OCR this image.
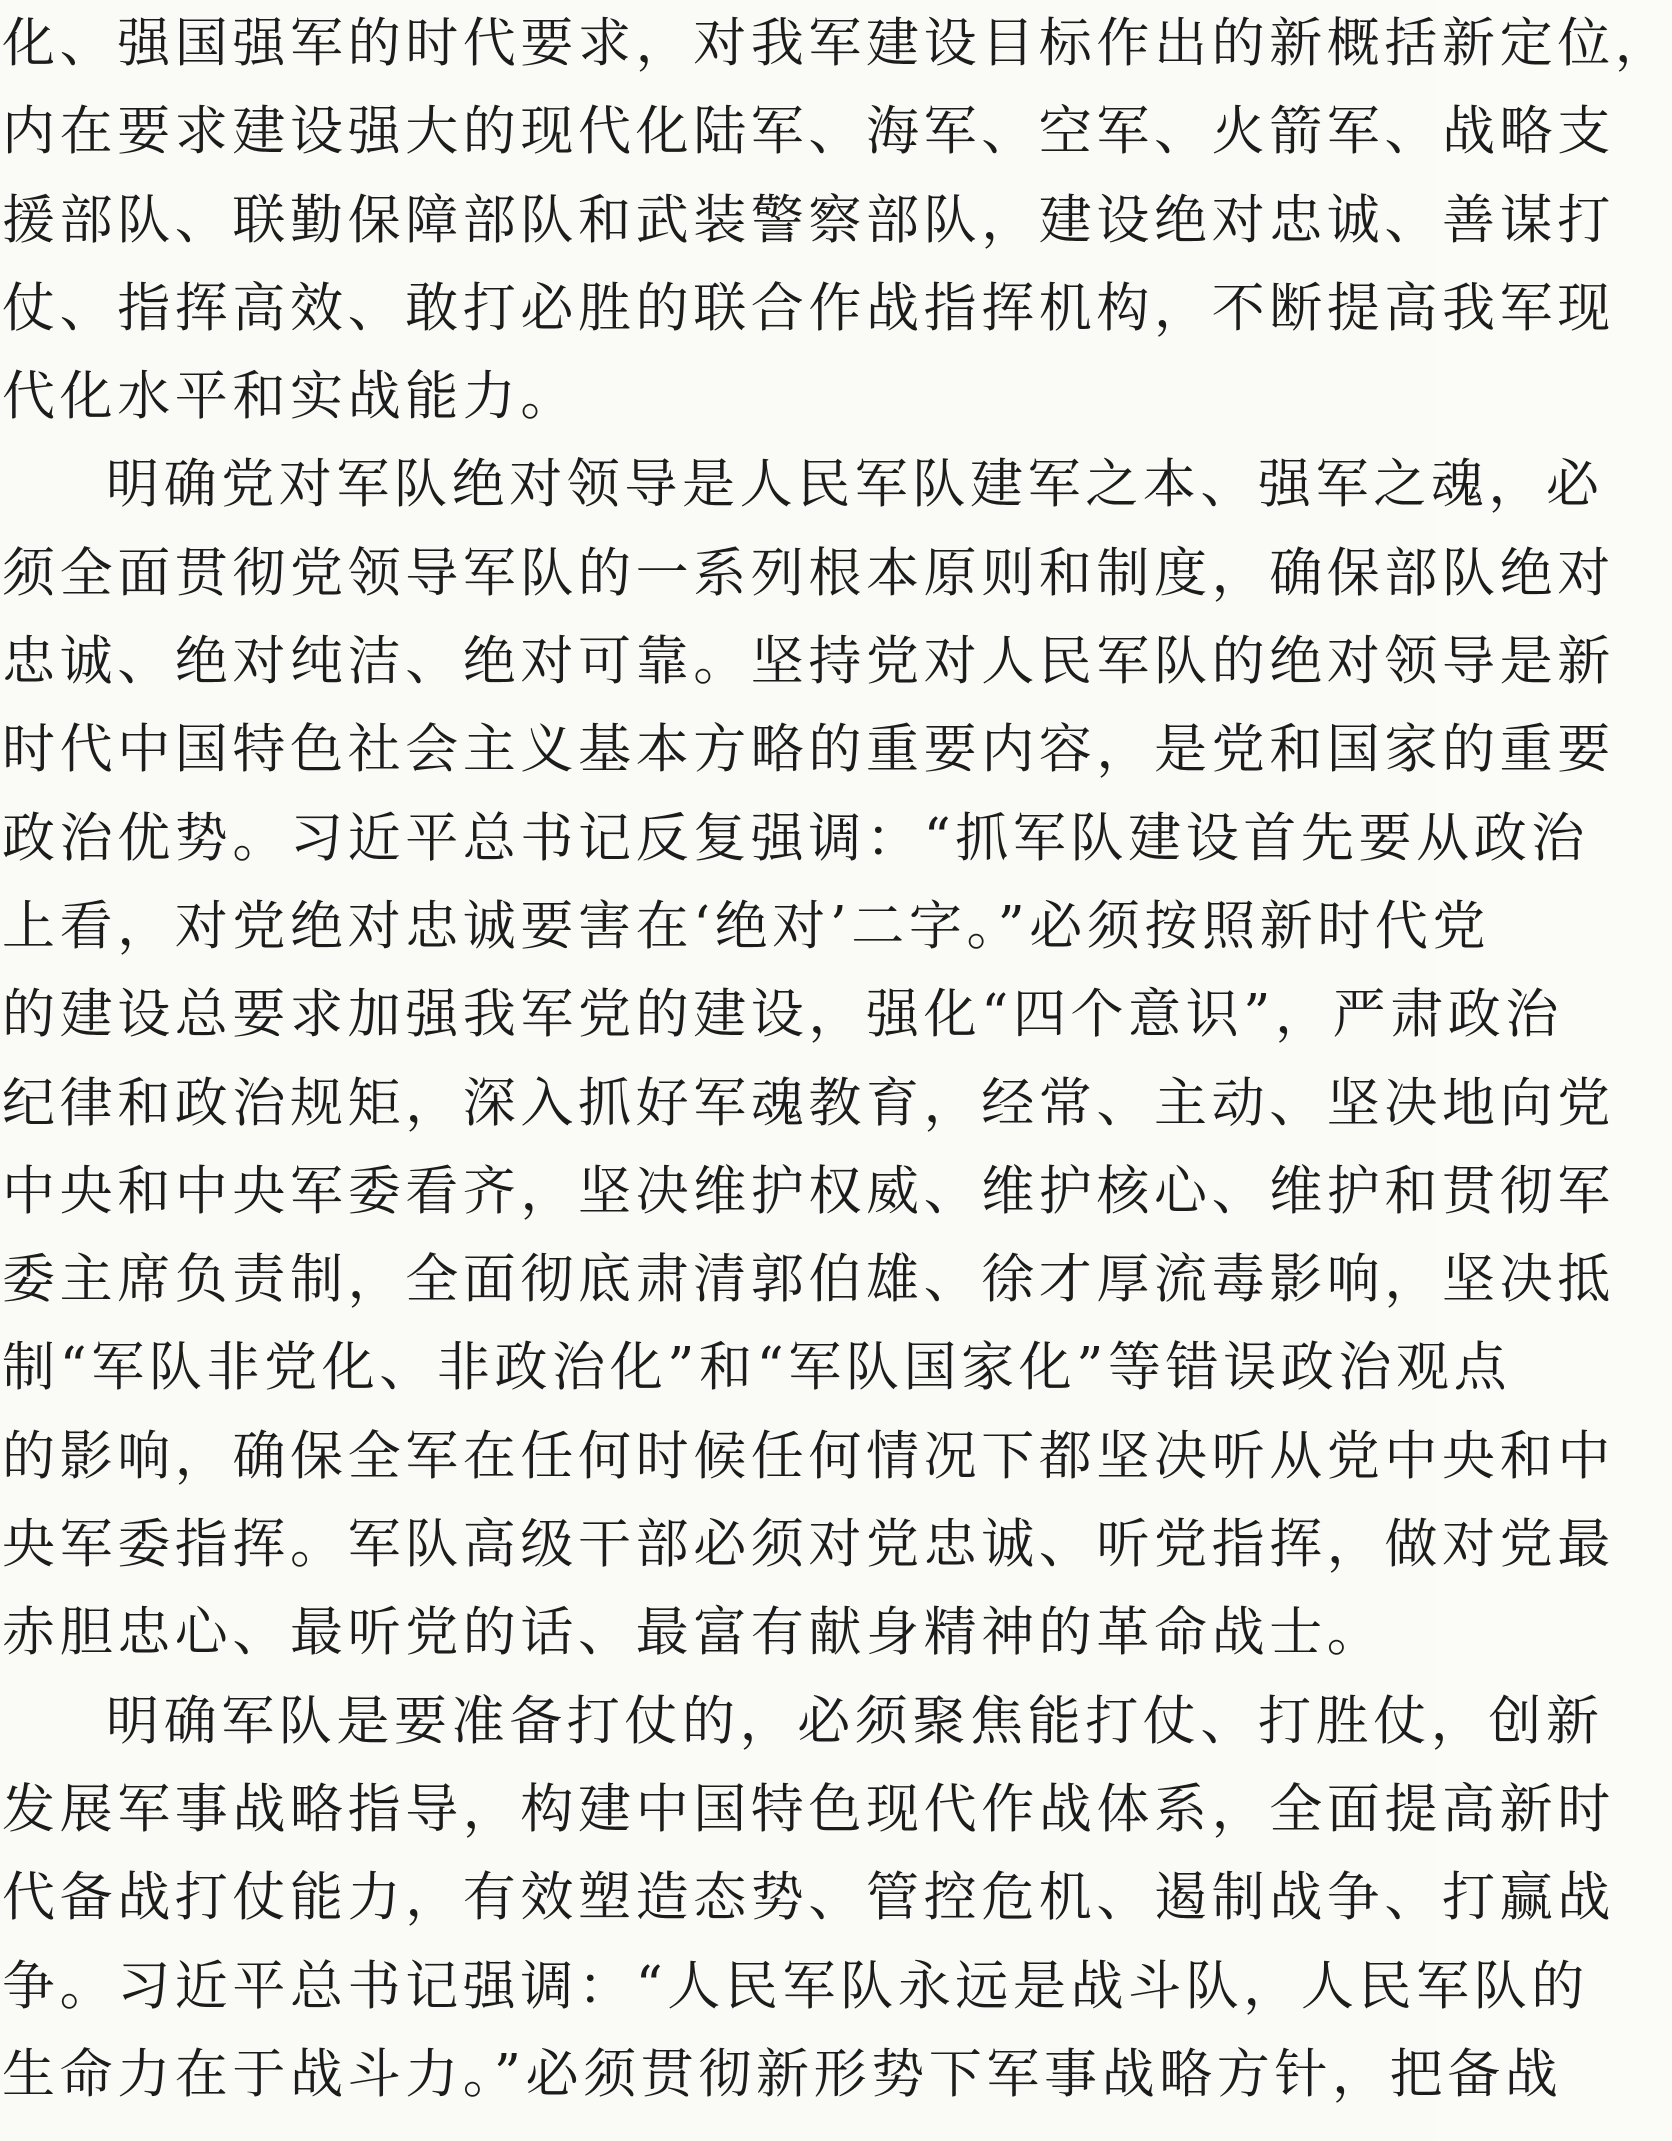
化、强国强军的时代要求，对我军建设目标作出的新概括新定位，
内在要求建设强大的现代化陆军、海军、空军、火箭军、战略支
援部队、联勤保障部队和武装警察部队，建设绝对忠诚、善谋打
仗、指挥高效、敢打必胜的联合作战指挥机构，不断提高我军现
代化水平和实战能力。
明确党对军队绝对领导是人民军队建军之本、强军之魂，必
须全面贯彻党领导军队的一系列根本原则和制度，确保部队绝对
忠诚、绝对纯洁、绝对可靠。坚持党对人民军队的绝对领导是新
时代中国特色社会主义基本方略的重要内容，是党和国家的重要
政治优势。习近平总书记反复强调：“抓军队建设首先要从政治
上看，对党绝对忠诚要害在‘绝对’二字。”必须按照新时代党
的建设总要求加强我军党的建设，强化“四个意识”，严肃政治
纪律和政治规矩，深入抓好军魂教育，经常、主动、坚决地向党
中央和中央军委看齐，坚决维护权威、维护核心、维护和贯彻军
委主席负责制，全面彻底肃清郭伯雄、徐才厚流毒影响，坚决抵
制“军队非党化、非政治化”和“军队国家化”等错误政治观点
的影响，确保全军在任何时候任何情况下都坚决听从党中央和中
央军委指挥。军队高级干部必须对党忠诚、听党指挥，做对党最
赤胆忠心、最听党的话、最富有献身精神的革命战士。
明确军队是要准备打仗的，必须聚焦能打仗、打胜仗，创新
发展军事战略指导，构建中国特色现代作战体系，全面提高新时
代备战打仗能力，有效塑造态势、管控危机、遏制战争、打赢战
争。习近平总书记强调：“人民军队永远是战斗队，人民军队的
生命力在于战斗力。”必须贯彻新形势下军事战略方针，把备战
